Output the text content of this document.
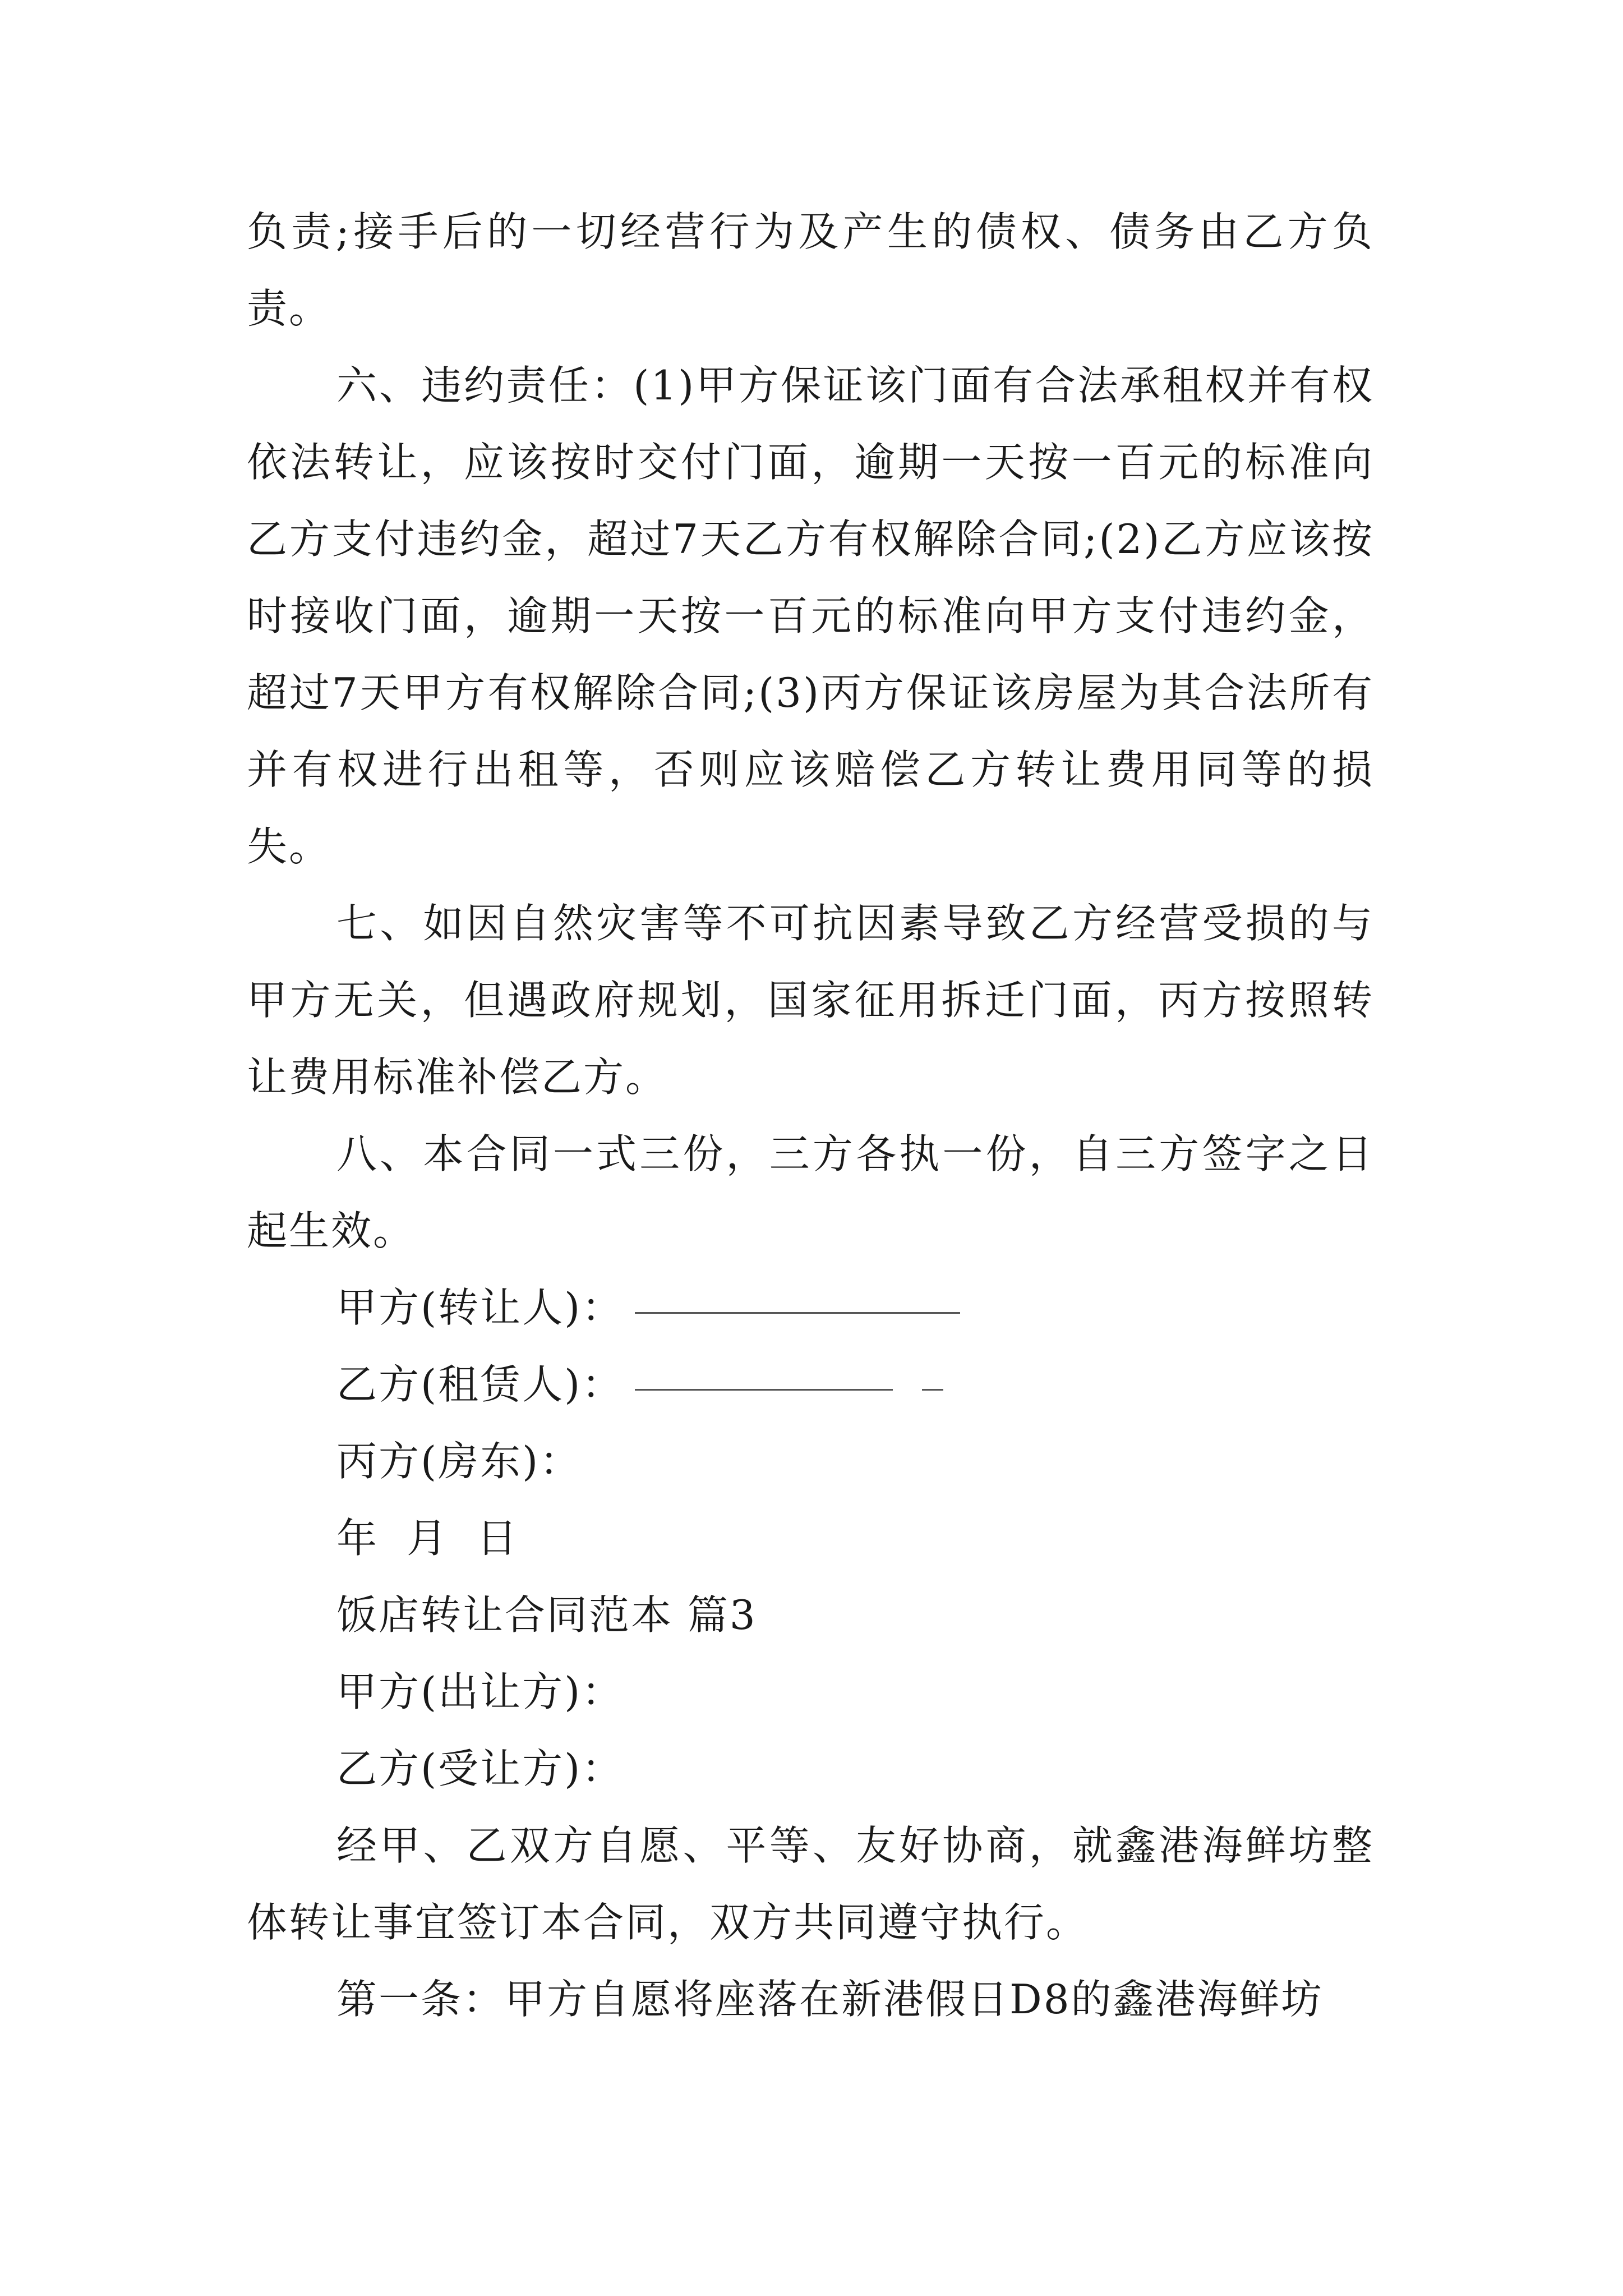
负责;接手后的一切经营行为及产生的债权、债务由乙方负责。

六、违约责任：(1)甲方保证该门面有合法承租权并有权依法转让，应该按时交付门面，逾期一天按一百元的标准向乙方支付违约金，超过7天乙方有权解除合同;(2)乙方应该按时接收门面，逾期一天按一百元的标准向甲方支付违约金，超过7天甲方有权解除合同;(3)丙方保证该房屋为其合法所有并有权进行出租等，否则应该赔偿乙方转让费用同等的损失。

七、如因自然灾害等不可抗因素导致乙方经营受损的与甲方无关，但遇政府规划，国家征用拆迁门面，丙方按照转让费用标准补偿乙方。

八、本合同一式三份，三方各执一份，自三方签字之日起生效。

甲方(转让人)：

乙方(租赁人)：

丙方(房东)：

年 月 日

饭店转让合同范本 篇3

甲方(出让方)：

乙方(受让方)：

经甲、乙双方自愿、平等、友好协商，就鑫港海鲜坊整体转让事宜签订本合同，双方共同遵守执行。

第一条：甲方自愿将座落在新港假日D8的鑫港海鲜坊
